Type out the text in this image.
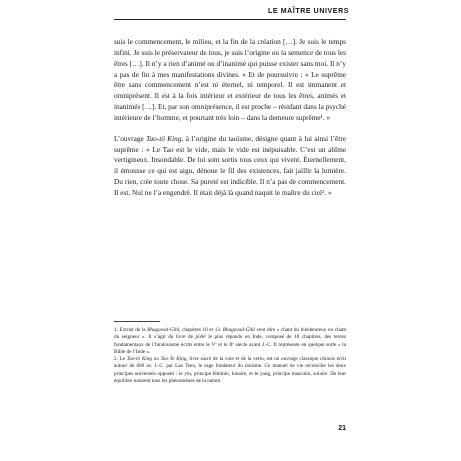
LE MAÎTRE UNIVERS

suis le commencement, le milieu, et la fin de la création […]. Je suis le temps infini. Je suis le préservateur de tous, je suis l’origine ou la semence de tous les êtres […]. Il n’y a rien d’animé ou d’inanimé qui puisse exister sans moi. Il n’y a pas de fin à mes manifestations divines. » Et de poursuivre : « Le suprême être sans commencement n’est ni éternel, ni temporel. Il est immanent et omniprésent. Il est à la fois intérieur et extérieur de tous les êtres, animés et inanimés […]. Et, par son omniprésence, il est proche – résidant dans la psyché intérieure de l’homme, et pourtant très loin – dans la demeure suprême¹. »

L’ouvrage Tao-tö King, à l’origine du taoïsme, désigne quant à lui ainsi l’être suprême : « Le Tao est le vide, mais le vide est inépuisable. C’est un abîme vertigineux. Insondable. De lui sont sortis tous ceux qui vivent. Éternellement, il émousse ce qui est aigu, dénoue le fil des existences, fait jaillir la lumière. Du rien, crée toute chose. Sa pureté est indicible. Il n’a pas de commencement. Il est. Nul ne l’a engendré. Il était déjà là quand naquit le maître du ciel². »

1. Extrait de la Bhagavad-Gîtâ, chapitres 10 et 13. Bhagavad-Gîtâ veut dire « chant du bienheureux ou chant du seigneur ». Il s’agit du livre de piété le plus répandu en Inde, composé de 18 chapitres, des textes fondamentaux de l’hindouisme écrits entre le Vᵉ et le IIᵉ siècle avant J.-C. Il représente en quelque sorte « la Bible de l’Inde ».

2. Le Tao-tö King ou Tao-Te King, livre sacré de la voie et de la vertu, est un ouvrage classique chinois écrit autour de 600 av. J.-C. par Lao Tseu, le sage fondateur du taoïsme. Ce manuel de vie réconcilie les deux principes universels opposés : le yin, principe féminin, lunaire, et le yang, principe masculin, solaire. De leur équilibre naissent tous les phénomènes de la nature.

21
